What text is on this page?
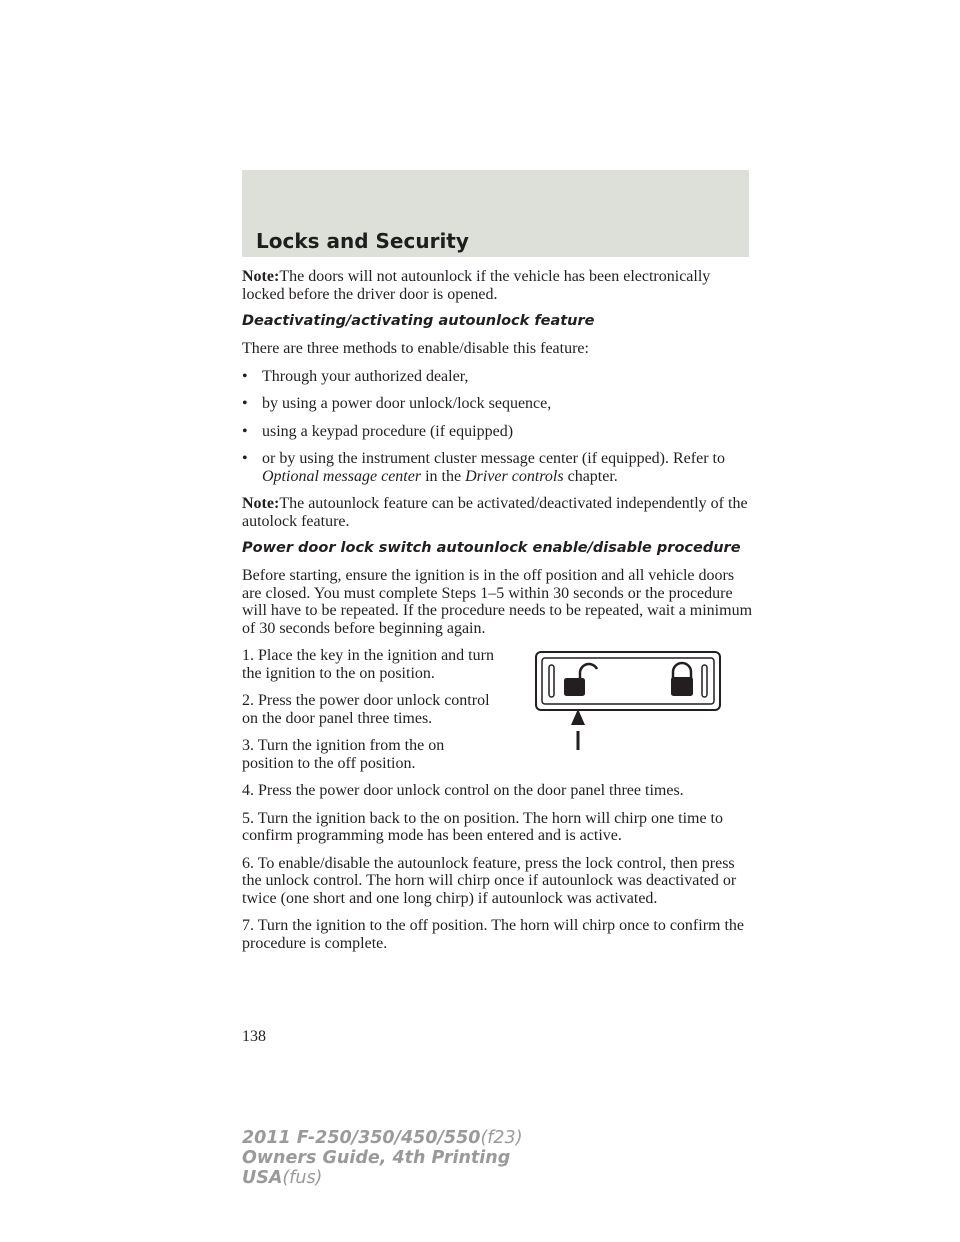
Locks and Security

Note:The doors will not autounlock if the vehicle has been electronically locked before the driver door is opened.

Deactivating/activating autounlock feature

There are three methods to enable/disable this feature:

• Through your authorized dealer,
• by using a power door unlock/lock sequence,
• using a keypad procedure (if equipped)
• or by using the instrument cluster message center (if equipped). Refer to Optional message center in the Driver controls chapter.

Note:The autounlock feature can be activated/deactivated independently of the autolock feature.

Power door lock switch autounlock enable/disable procedure

Before starting, ensure the ignition is in the off position and all vehicle doors are closed. You must complete Steps 1–5 within 30 seconds or the procedure will have to be repeated. If the procedure needs to be repeated, wait a minimum of 30 seconds before beginning again.

1. Place the key in the ignition and turn the ignition to the on position.

2. Press the power door unlock control on the door panel three times.

3. Turn the ignition from the on position to the off position.

4. Press the power door unlock control on the door panel three times.

5. Turn the ignition back to the on position. The horn will chirp one time to confirm programming mode has been entered and is active.

6. To enable/disable the autounlock feature, press the lock control, then press the unlock control. The horn will chirp once if autounlock was deactivated or twice (one short and one long chirp) if autounlock was activated.

7. Turn the ignition to the off position. The horn will chirp once to confirm the procedure is complete.

138
2011 F-250/350/450/550(f23)
Owners Guide, 4th Printing
USA(fus)
